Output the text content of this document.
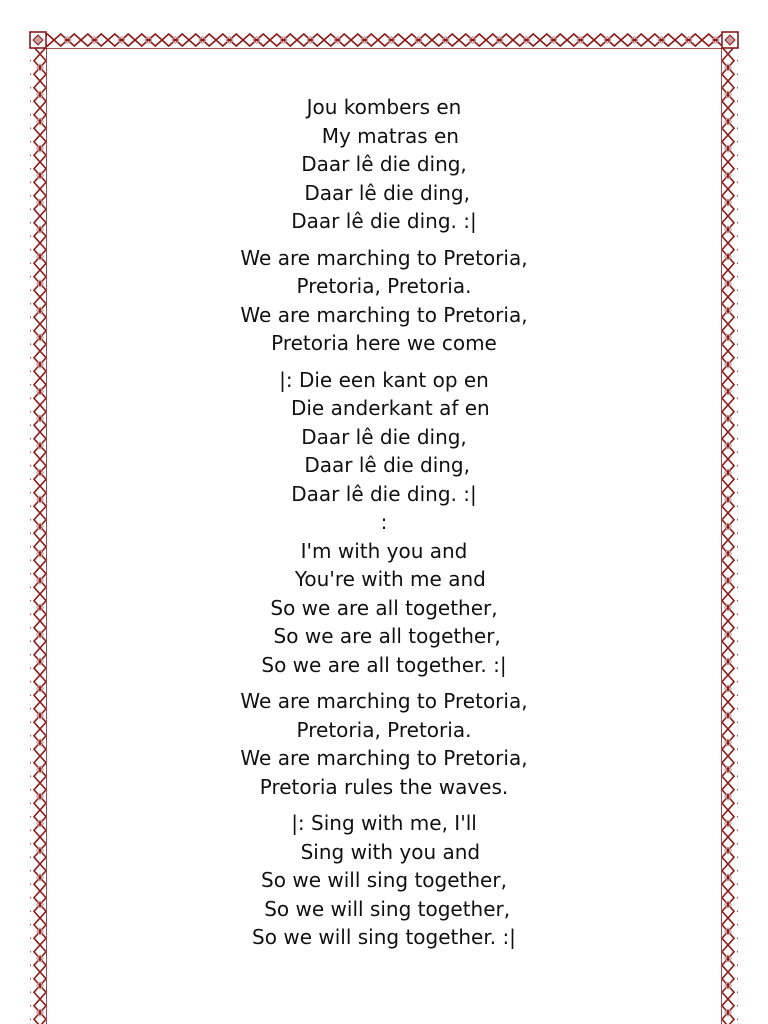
Jou kombers en
My matras en
Daar lê die ding,
Daar lê die ding,
Daar lê die ding. :|
We are marching to Pretoria,
Pretoria, Pretoria.
We are marching to Pretoria,
Pretoria here we come
|: Die een kant op en
Die anderkant af en
Daar lê die ding,
Daar lê die ding,
Daar lê die ding. :|
:
I'm with you and
You're with me and
So we are all together,
So we are all together,
So we are all together. :|
We are marching to Pretoria,
Pretoria, Pretoria.
We are marching to Pretoria,
Pretoria rules the waves.
|: Sing with me, I'll
Sing with you and
So we will sing together,
So we will sing together,
So we will sing together. :|
